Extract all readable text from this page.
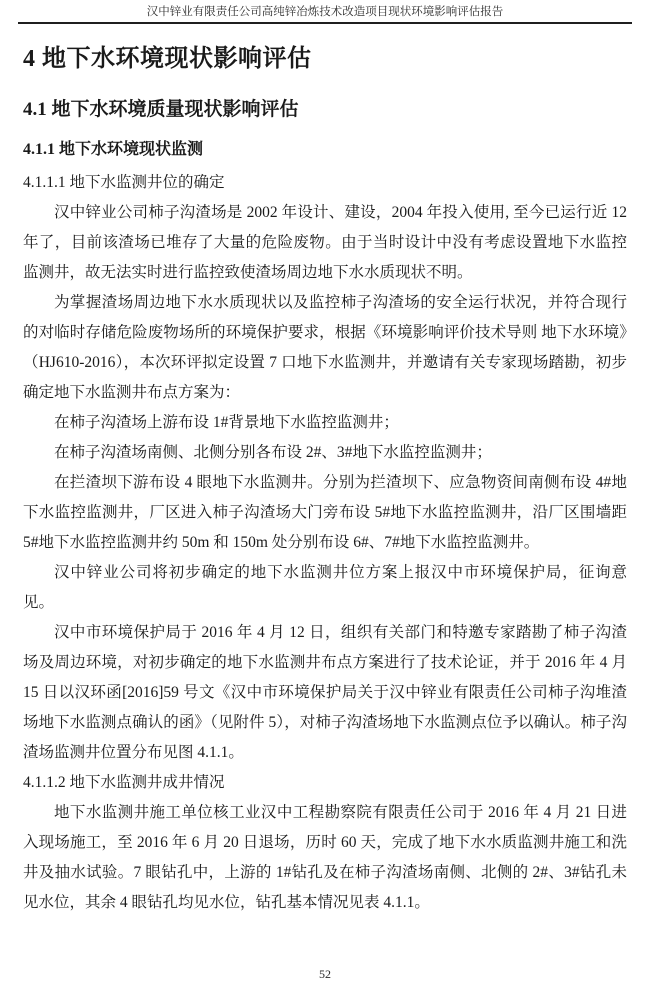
汉中锌业有限责任公司高纯锌冶炼技术改造项目现状环境影响评估报告
4 地下水环境现状影响评估
4.1 地下水环境质量现状影响评估
4.1.1 地下水环境现状监测

4.1.1.1 地下水监测井位的确定

汉中锌业公司柿子沟渣场是 2002 年设计、建设，2004 年投入使用, 至今已运行近 12 年了，目前该渣场已堆存了大量的危险废物。由于当时设计中没有考虑设置地下水监控监测井，故无法实时进行监控致使渣场周边地下水水质现状不明。

为掌握渣场周边地下水水质现状以及监控柿子沟渣场的安全运行状况，并符合现行的对临时存储危险废物场所的环境保护要求，根据《环境影响评价技术导则 地下水环境》（HJ610-2016），本次环评拟定设置 7 口地下水监测井，并邀请有关专家现场踏勘，初步确定地下水监测井布点方案为：

在柿子沟渣场上游布设 1#背景地下水监控监测井；

在柿子沟渣场南侧、北侧分别各布设 2#、3#地下水监控监测井；

在拦渣坝下游布设 4 眼地下水监测井。分别为拦渣坝下、应急物资间南侧布设 4#地下水监控监测井，厂区进入柿子沟渣场大门旁布设 5#地下水监控监测井，沿厂区围墙距 5#地下水监控监测井约 50m 和 150m 处分别布设 6#、7#地下水监控监测井。

汉中锌业公司将初步确定的地下水监测井位方案上报汉中市环境保护局，征询意见。

汉中市环境保护局于 2016 年 4 月 12 日，组织有关部门和特邀专家踏勘了柿子沟渣场及周边环境，对初步确定的地下水监测井布点方案进行了技术论证，并于 2016 年 4 月 15 日以汉环函[2016]59 号文《汉中市环境保护局关于汉中锌业有限责任公司柿子沟堆渣场地下水监测点确认的函》（见附件 5），对柿子沟渣场地下水监测点位予以确认。柿子沟渣场监测井位置分布见图 4.1.1。

4.1.1.2 地下水监测井成井情况

地下水监测井施工单位核工业汉中工程勘察院有限责任公司于 2016 年 4 月 21 日进入现场施工，至 2016 年 6 月 20 日退场，历时 60 天，完成了地下水水质监测井施工和洗井及抽水试验。7 眼钻孔中，上游的 1#钻孔及在柿子沟渣场南侧、北侧的 2#、3#钻孔未见水位，其余 4 眼钻孔均见水位，钻孔基本情况见表 4.1.1。

52
